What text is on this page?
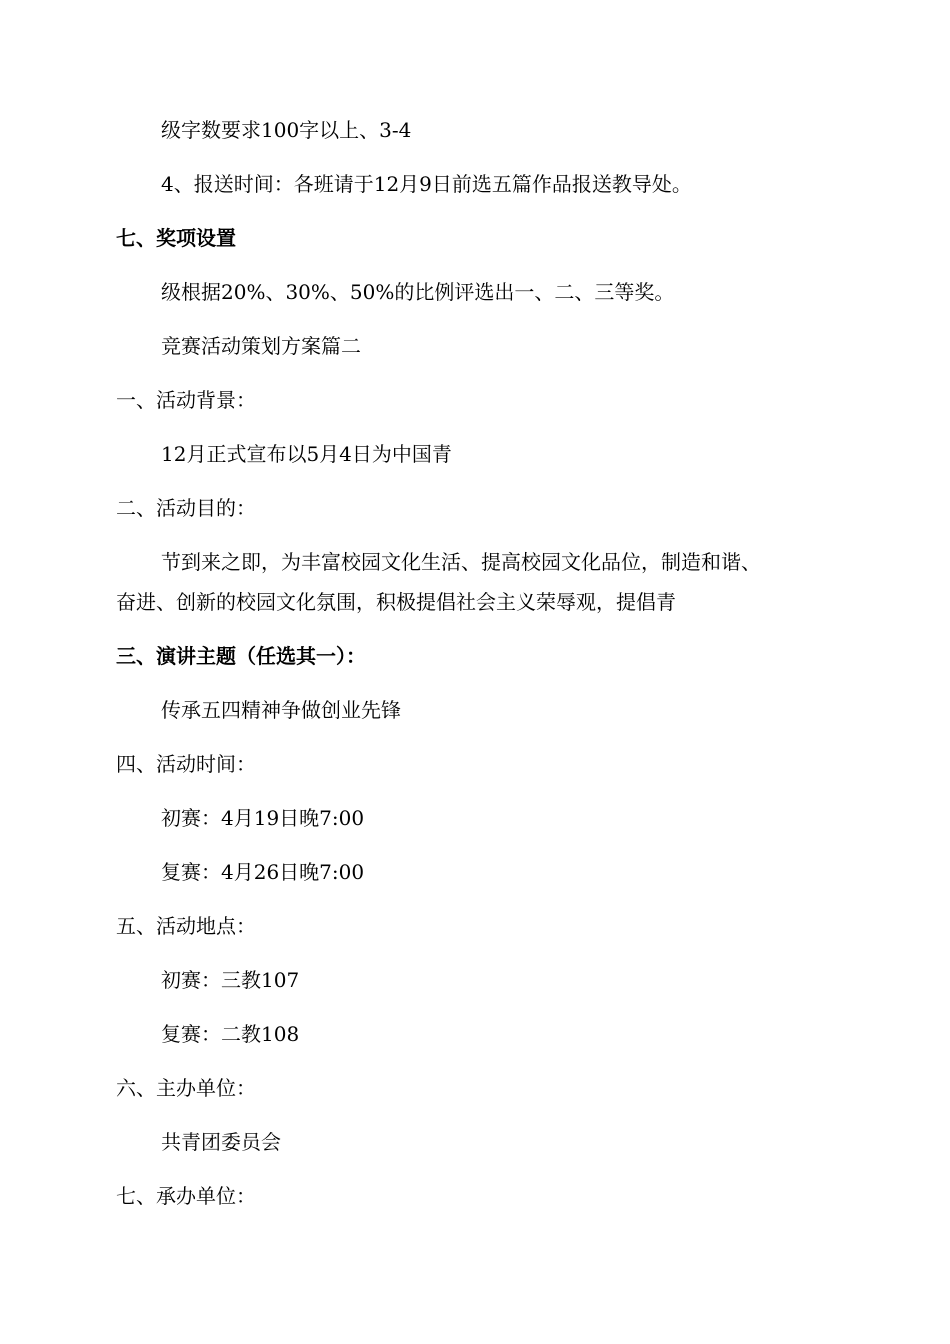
级字数要求100字以上、3-4
4、报送时间：各班请于12月9日前选五篇作品报送教导处。
七、奖项设置
级根据20%、30%、50%的比例评选出一、二、三等奖。
竞赛活动策划方案篇二
一、活动背景：
12月正式宣布以5月4日为中国青
二、活动目的：
节到来之即，为丰富校园文化生活、提高校园文化品位，制造和谐、
奋进、创新的校园文化氛围，积极提倡社会主义荣辱观，提倡青
三、演讲主题（任选其一）：
传承五四精神争做创业先锋
四、活动时间：
初赛：4月19日晚7:00
复赛：4月26日晚7:00
五、活动地点：
初赛：三教107
复赛：二教108
六、主办单位：
共青团委员会
七、承办单位：
